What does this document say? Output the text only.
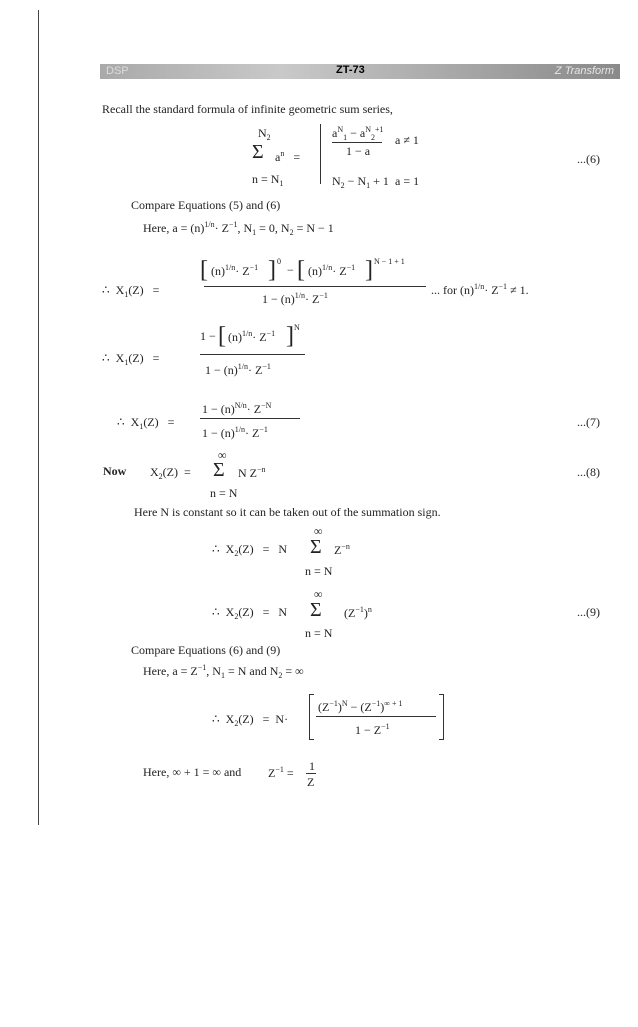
DSP	ZT-73	Z Transform
Recall the standard formula of infinite geometric sum series,
$N_2$
Σ $a^n$   =
$n = N_1$
$a^N_1 - a^N_2^{+1}$
1 − a
a ≠ 1
$N_2 - N_1 + 1$ a = 1
...(6)
Compare Equations (5) and (6)
Here, $a = (n)^{1/n}\cdot Z^{-1}$, $N_1 = 0$, $N_2 = N - 1$
[ $(n)^{1/n}\cdot Z^{-1}$ ] 0
− [ $(n)^{1/n}\cdot Z^{-1}$ ] N − 1 + 1
∴  $X_1(Z)$   =
$1 - (n)^{1/n}\cdot Z^{-1}$	... for $(n)^{1/n}\cdot Z^{-1} \ne 1$.
1 − [ $(n)^{1/n}\cdot Z^{-1}$ ] N
∴  $X_1(Z)$   =
$1 - (n)^{1/n}\cdot Z^{-1}$
$1 - (n)^{N/n}\cdot Z^{-N}$
∴  $X_1(Z)$   =
$1 - (n)^{1/n}\cdot Z^{-1}$
...(7)
Now $X_2(Z)$  =
∞
Σ N $Z^{-n}$
n = N
...(8)
Here N is constant so it can be taken out of the summation sign.
∞
∴  $X_2(Z) = N$ Σ $Z^{-n}$
n = N
∞
∴  $X_2(Z) = N$ Σ $(Z^{-1})^n$
n = N
...(9)
Compare Equations (6) and (9)
Here, $a = Z^{-1}$, $N_1 = N$ and $N_2$ = ∞
∴  $X_2(Z) = N\cdot$
$(Z^{-1})^N - (Z^{-1})^{\infty + 1}$
$1 - Z^{-1}$
Here, ∞ + 1 = ∞ and $Z^{-1} = 1$
Z
